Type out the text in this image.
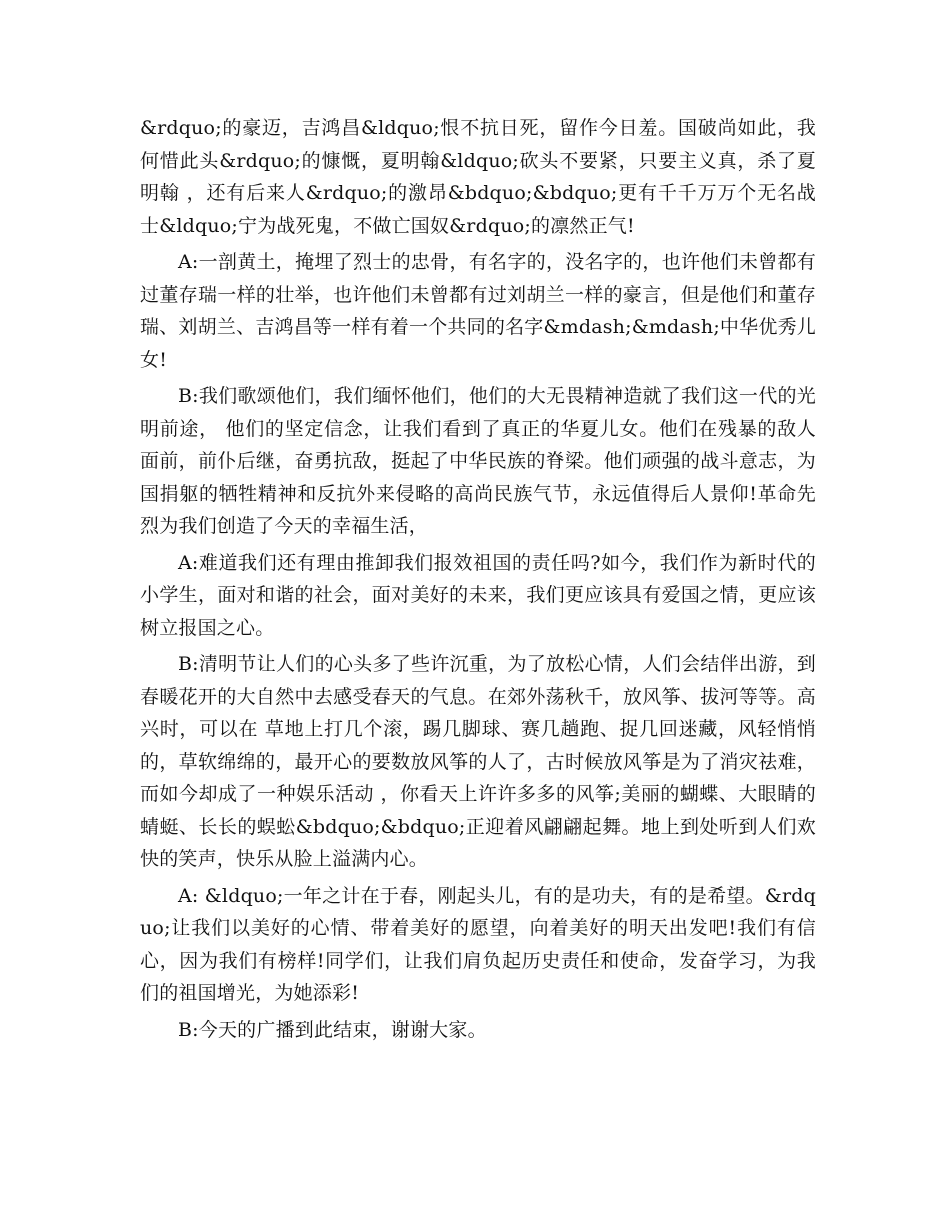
&rdquo;的豪迈，吉鸿昌&ldquo;恨不抗日死，留作今日羞。国破尚如此，我何惜此头&rdquo;的慷慨，夏明翰&ldquo;砍头不要紧，只要主义真，杀了夏明翰 ，还有后来人&rdquo;的激昂&bdquo;&bdquo;更有千千万万个无名战士&ldquo;宁为战死鬼，不做亡国奴&rdquo;的凛然正气!

A:一剖黄土，掩埋了烈士的忠骨，有名字的，没名字的，也许他们未曾都有过董存瑞一样的壮举，也许他们未曾都有过刘胡兰一样的豪言，但是他们和董存瑞、刘胡兰、吉鸿昌等一样有着一个共同的名字&mdash;&mdash;中华优秀儿女!

B:我们歌颂他们，我们缅怀他们，他们的大无畏精神造就了我们这一代的光明前途， 他们的坚定信念，让我们看到了真正的华夏儿女。他们在残暴的敌人面前，前仆后继，奋勇抗敌，挺起了中华民族的脊梁。他们顽强的战斗意志，为国捐躯的牺牲精神和反抗外来侵略的高尚民族气节，永远值得后人景仰!革命先烈为我们创造了今天的幸福生活，

A:难道我们还有理由推卸我们报效祖国的责任吗?如今，我们作为新时代的小学生，面对和谐的社会，面对美好的未来，我们更应该具有爱国之情，更应该树立报国之心。

B:清明节让人们的心头多了些许沉重，为了放松心情，人们会结伴出游，到春暖花开的大自然中去感受春天的气息。在郊外荡秋千，放风筝、拔河等等。高兴时，可以在 草地上打几个滚，踢几脚球、赛几趟跑、捉几回迷藏，风轻悄悄的，草软绵绵的，最开心的要数放风筝的人了，古时候放风筝是为了消灾祛难，而如今却成了一种娱乐活动 ，你看天上许许多多的风筝;美丽的蝴蝶、大眼睛的蜻蜓、长长的蜈蚣&bdquo;&bdquo;正迎着风翩翩起舞。地上到处听到人们欢快的笑声，快乐从脸上溢满内心。

A: &ldquo;一年之计在于春，刚起头儿，有的是功夫，有的是希望。&rdquo;让我们以美好的心情、带着美好的愿望，向着美好的明天出发吧!我们有信心，因为我们有榜样!同学们，让我们肩负起历史责任和使命，发奋学习，为我们的祖国增光，为她添彩!

B:今天的广播到此结束，谢谢大家。
